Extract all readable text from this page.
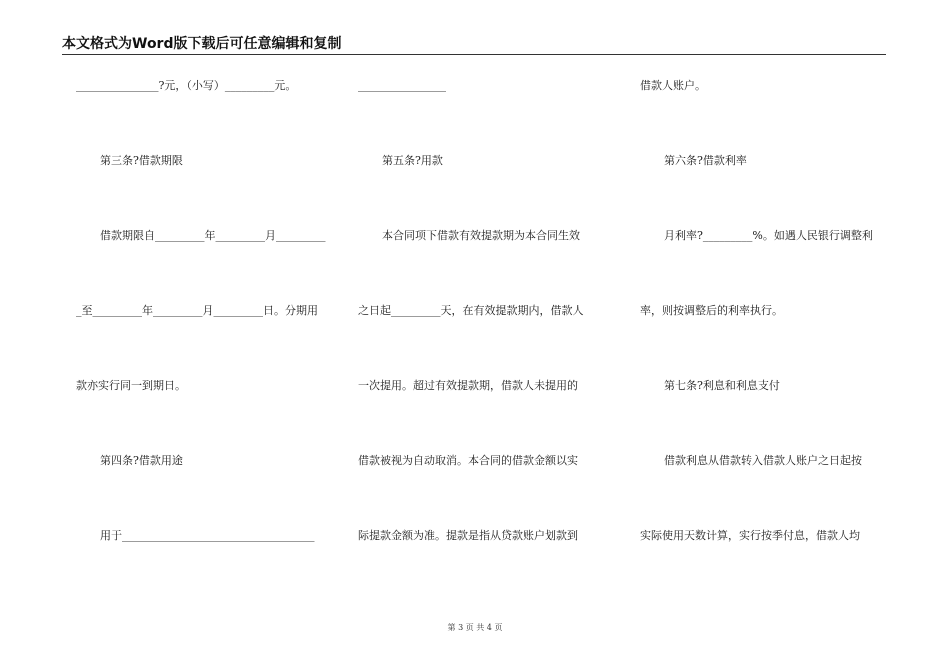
本文格式为Word版下载后可任意编辑和复制
_______________?元，（小写）_________元。
第三条?借款期限
借款期限自_________年_________月_________
_至_________年_________月_________日。分期用
款亦实行同一到期日。
第四条?借款用途
用于___________________________________
________________
第五条?用款
本合同项下借款有效提款期为本合同生效
之日起_________天，在有效提款期内，借款人
一次提用。超过有效提款期，借款人未提用的
借款被视为自动取消。本合同的借款金额以实
际提款金额为准。提款是指从贷款账户划款到
借款人账户。
第六条?借款利率
月利率?_________%。如遇人民银行调整利
率，则按调整后的利率执行。
第七条?利息和利息支付
借款利息从借款转入借款人账户之日起按
实际使用天数计算，实行按季付息，借款人均
第 3 页 共 4 页
